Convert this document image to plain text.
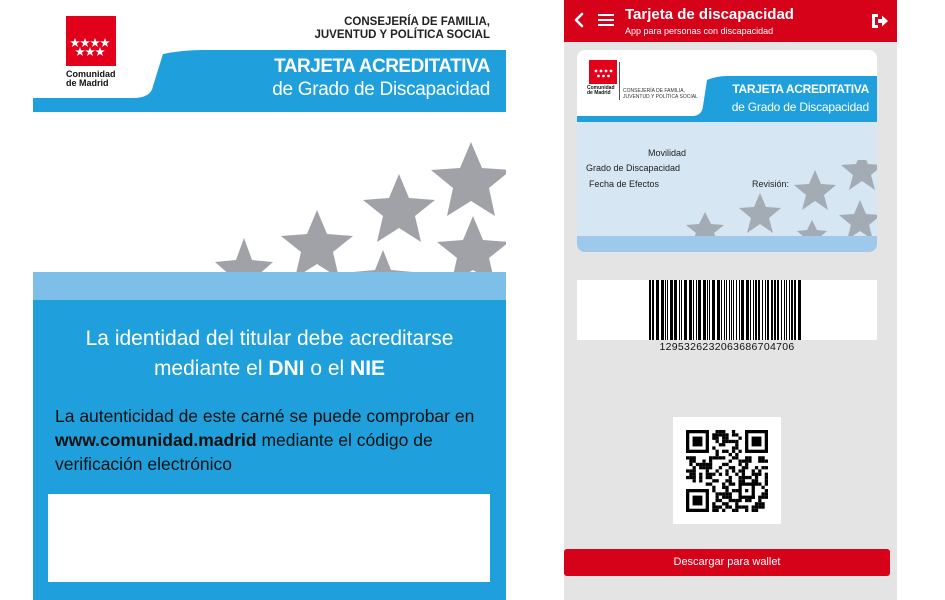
Comunidad
de Madrid
CONSEJERÍA DE FAMILIA,
JUVENTUD Y POLÍTICA SOCIAL
TARJETA ACREDITATIVA
de Grado de Discapacidad
La identidad del titular debe acreditarse
mediante el DNI o el NIE
La autenticidad de este carné se puede comprobar en www.comunidad.madrid mediante el código de verificación electrónico
Tarjeta de discapacidad
App para personas con discapacidad
Comunidad
de Madrid	CONSEJERÍA DE FAMILIA,
JUVENTUD Y POLÍTICA SOCIAL
TARJETA ACREDITATIVA
de Grado de Discapacidad
Movilidad
Grado de Discapacidad
Fecha de Efectos	Revisión:
1295326232063686704706
Descargar para wallet
